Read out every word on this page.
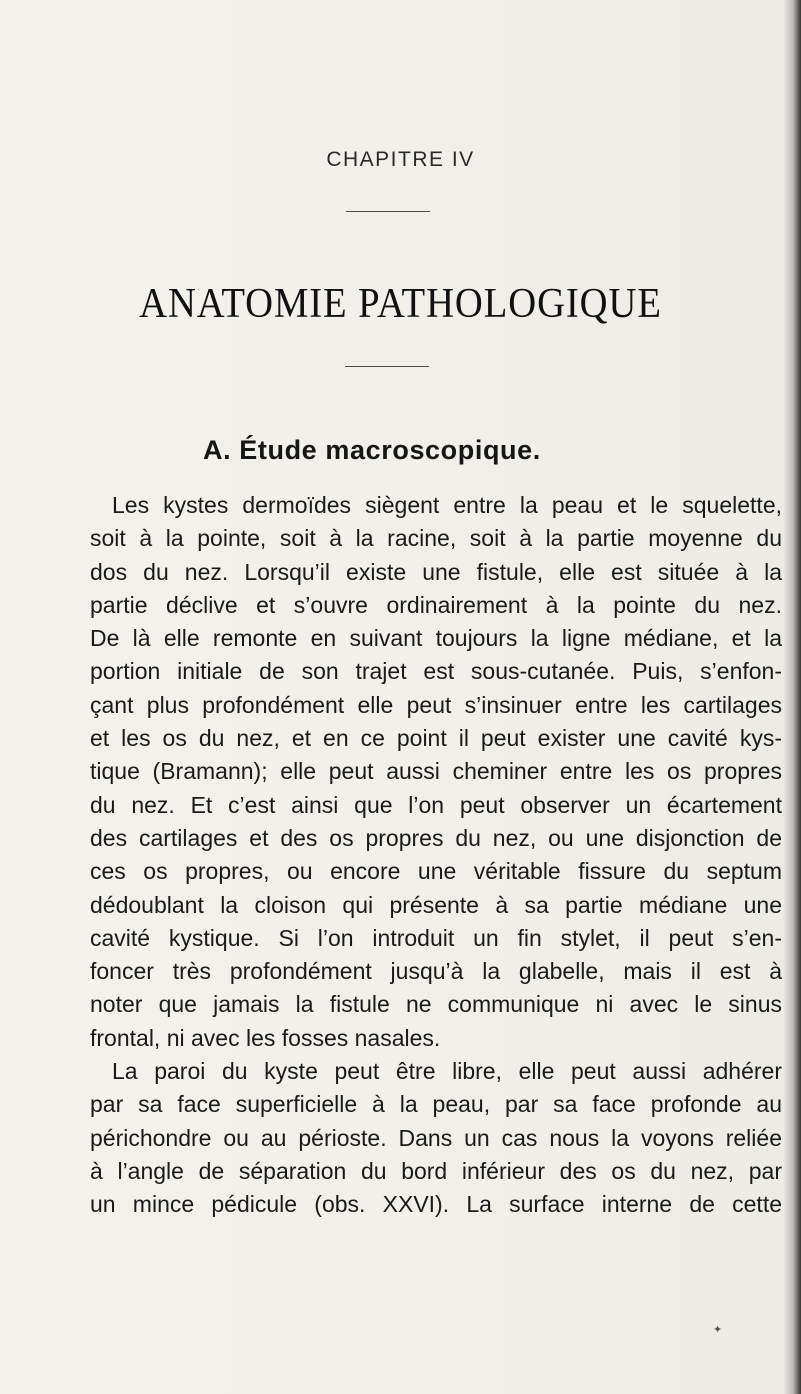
CHAPITRE IV
ANATOMIE PATHOLOGIQUE
A. Étude macroscopique.
Les kystes dermoïdes siègent entre la peau et le squelette,
soit à la pointe, soit à la racine, soit à la partie moyenne du
dos du nez. Lorsqu’il existe une fistule, elle est située à la
partie déclive et s’ouvre ordinairement à la pointe du nez.
De là elle remonte en suivant toujours la ligne médiane, et la
portion initiale de son trajet est sous-cutanée. Puis, s’enfon-
çant plus profondément elle peut s’insinuer entre les cartilages
et les os du nez, et en ce point il peut exister une cavité kys-
tique (Bramann); elle peut aussi cheminer entre les os propres
du nez. Et c’est ainsi que l’on peut observer un écartement
des cartilages et des os propres du nez, ou une disjonction de
ces os propres, ou encore une véritable fissure du septum
dédoublant la cloison qui présente à sa partie médiane une
cavité kystique. Si l’on introduit un fin stylet, il peut s’en-
foncer très profondément jusqu’à la glabelle, mais il est à
noter que jamais la fistule ne communique ni avec le sinus
frontal, ni avec les fosses nasales.
La paroi du kyste peut être libre, elle peut aussi adhérer
par sa face superficielle à la peau, par sa face profonde au
périchondre ou au périoste. Dans un cas nous la voyons reliée
à l’angle de séparation du bord inférieur des os du nez, par
un mince pédicule (obs. XXVI). La surface interne de cette
✦
